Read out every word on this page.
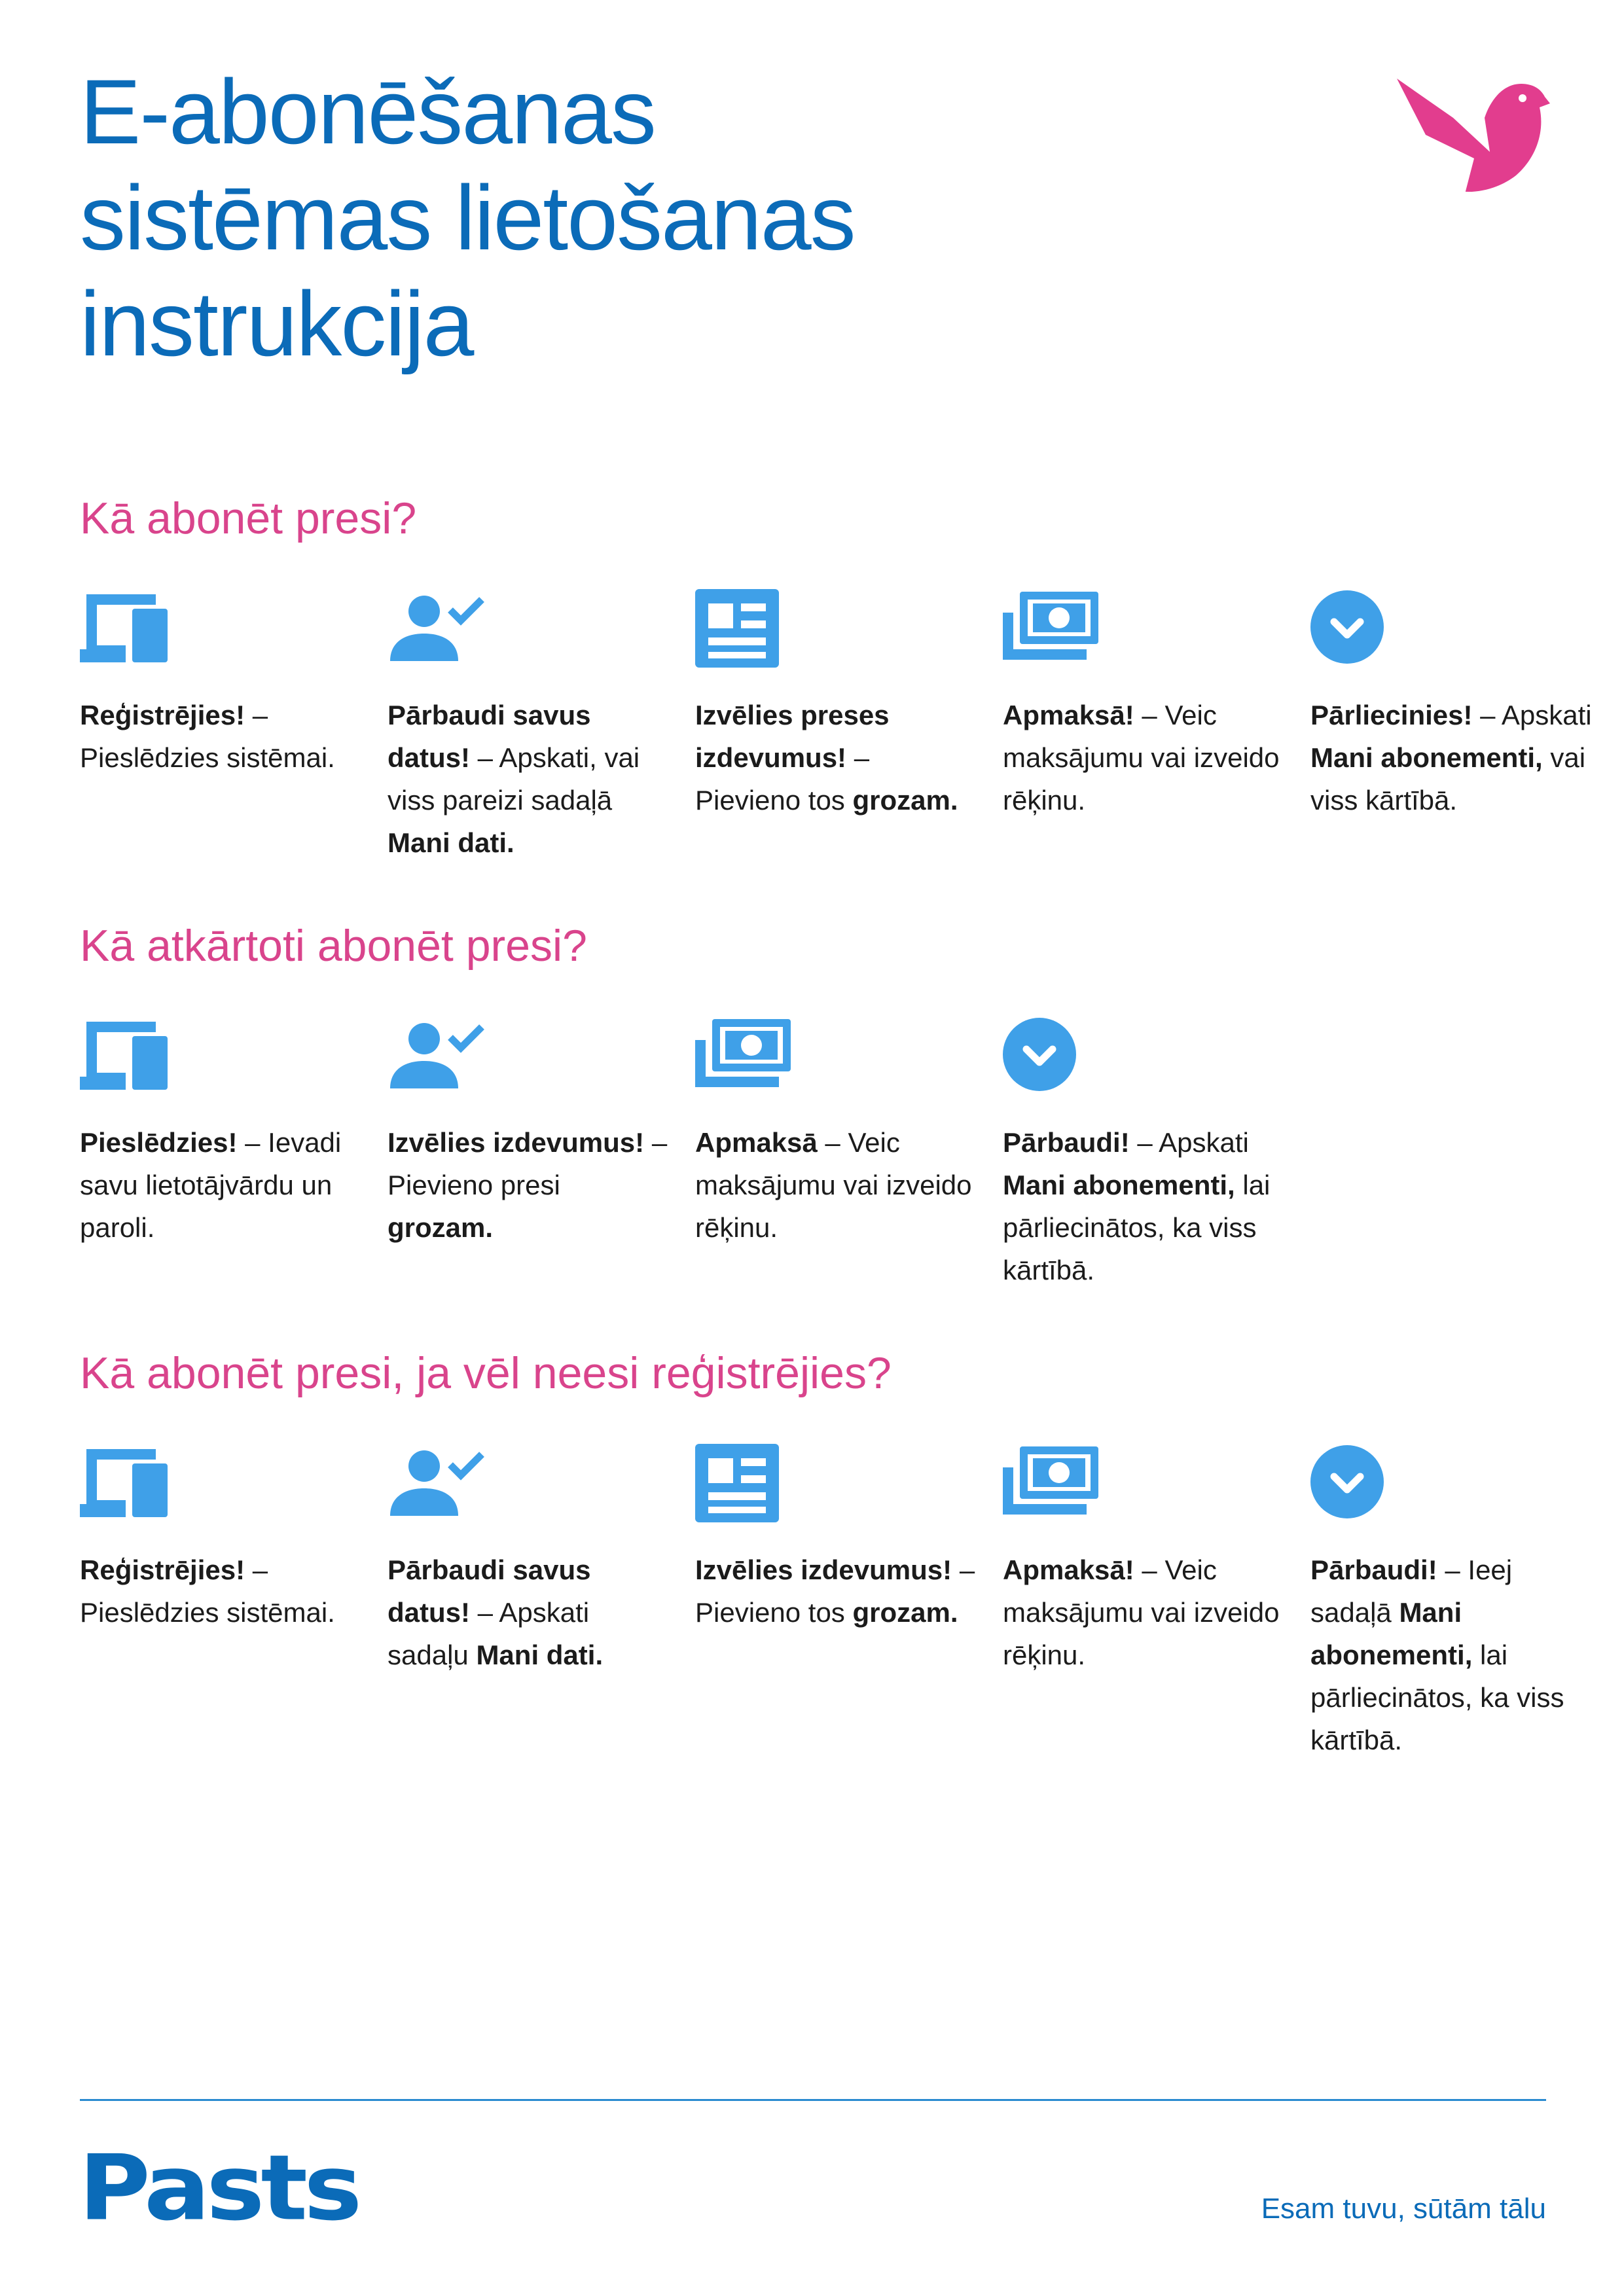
E-abonēšanas
sistēmas lietošanas
instrukcija
Kā abonēt presi?

Reģistrējies! – Pieslēdzies sistēmai.

Pārbaudi savus datus! – Apskati, vai viss pareizi sadaļā Mani dati.

Izvēlies preses izdevumus! – Pievieno tos grozam.

Apmaksā! – Veic maksājumu vai izveido rēķinu.

Pārliecinies! – Apskati Mani abonementi, vai viss kārtībā.

Kā atkārtoti abonēt presi?

Pieslēdzies! – Ievadi savu lietotājvārdu un paroli.

Izvēlies izdevumus! – Pievieno presi grozam.

Apmaksā – Veic maksājumu vai izveido rēķinu.

Pārbaudi! – Apskati Mani abonementi, lai pārliecinātos, ka viss kārtībā.

Kā abonēt presi, ja vēl neesi reģistrējies?

Reģistrējies! – Pieslēdzies sistēmai.

Pārbaudi savus datus! – Apskati sadaļu Mani dati.

Izvēlies izdevumus! – Pievieno tos grozam.

Apmaksā! – Veic maksājumu vai izveido rēķinu.

Pārbaudi! – Ieej sadaļā Mani abonementi, lai pārliecinātos, ka viss kārtībā.

Pasts	Esam tuvu, sūtām tālu
